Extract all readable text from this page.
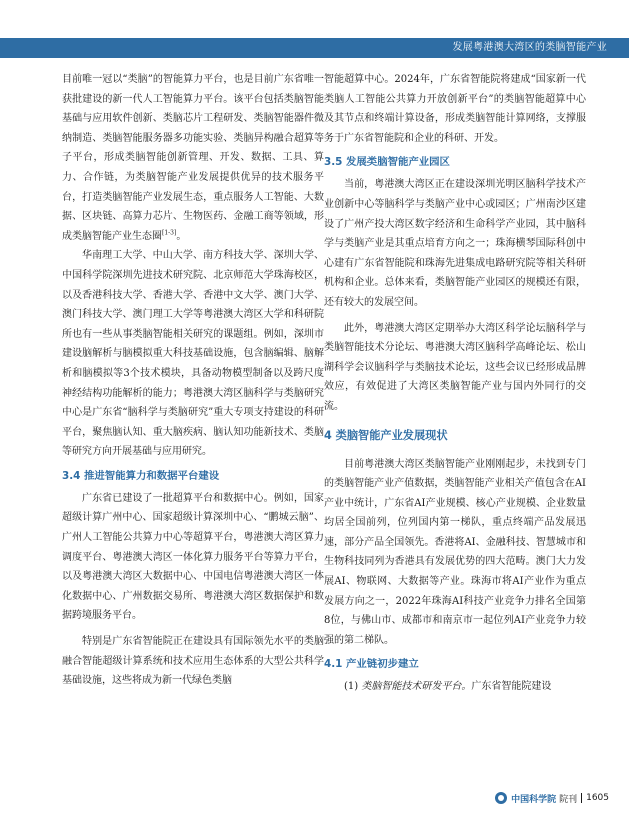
发展粤港澳大湾区的类脑智能产业

目前唯一冠以“类脑”的智能算力平台，也是目前广东省唯一获批建设的新一代人工智能算力平台。该平台包括类脑智能基础与应用软件创新、类脑芯片工程研发、类脑智能器件微纳制造、类脑智能服务器多功能实验、类脑异构融合超算等子平台，形成类脑智能创新管理、开发、数据、工具、算力、合作链，为类脑智能产业发展提供优异的技术服务平台，打造类脑智能产业发展生态，重点服务人工智能、大数据、区块链、高算力芯片、生物医药、金融工商等领域，形成类脑智能产业生态圈[1-3]。

华南理工大学、中山大学、南方科技大学、深圳大学、中国科学院深圳先进技术研究院、北京师范大学珠海校区，以及香港科技大学、香港大学、香港中文大学、澳门大学、澳门科技大学、澳门理工大学等粤港澳大湾区大学和科研院所也有一些从事类脑智能相关研究的课题组。例如，深圳市建设脑解析与脑模拟重大科技基础设施，包含脑编辑、脑解析和脑模拟等3个技术模块，具备动物模型制备以及跨尺度神经结构功能解析的能力；粤港澳大湾区脑科学与类脑研究中心是广东省“脑科学与类脑研究”重大专项支持建设的科研平台，聚焦脑认知、重大脑疾病、脑认知功能新技术、类脑等研究方向开展基础与应用研究。

3.4 推进智能算力和数据平台建设

广东省已建设了一批超算平台和数据中心。例如，国家超级计算广州中心、国家超级计算深圳中心、“鹏城云脑”、广州人工智能公共算力中心等超算平台，粤港澳大湾区算力调度平台、粤港澳大湾区一体化算力服务平台等算力平台，以及粤港澳大湾区大数据中心、中国电信粤港澳大湾区一体化数据中心、广州数据交易所、粤港澳大湾区数据保护和数据跨境服务平台。

特别是广东省智能院正在建设具有国际领先水平的类脑融合智能超级计算系统和技术应用生态体系的大型公共科学基础设施，这些将成为新一代绿色类脑

智能超算中心。2024年，广东省智能院将建成“国家新一代类脑人工智能公共算力开放创新平台”的类脑智能超算中心及其节点和终端计算设备，形成类脑智能计算网络，支撑服务于广东省智能院和企业的科研、开发。

3.5 发展类脑智能产业园区

当前，粤港澳大湾区正在建设深圳光明区脑科学技术产业创新中心等脑科学与类脑产业中心或园区；广州南沙区建设了广州产投大湾区数字经济和生命科学产业园，其中脑科学与类脑产业是其重点培育方向之一；珠海横琴国际科创中心建有广东省智能院和珠海先进集成电路研究院等相关科研机构和企业。总体来看，类脑智能产业园区的规模还有限，还有较大的发展空间。

此外，粤港澳大湾区定期举办大湾区科学论坛脑科学与类脑智能技术分论坛、粤港澳大湾区脑科学高峰论坛、松山湖科学会议脑科学与类脑技术论坛，这些会议已经形成品牌效应，有效促进了大湾区类脑智能产业与国内外同行的交流。

4 类脑智能产业发展现状

目前粤港澳大湾区类脑智能产业刚刚起步，未找到专门的类脑智能产业产值数据，类脑智能产业相关产值包含在AI产业中统计，广东省AI产业规模、核心产业规模、企业数量均居全国前列，位列国内第一梯队，重点终端产品发展迅速，部分产品全国领先。香港将AI、金融科技、智慧城市和生物科技同列为香港具有发展优势的四大范畴。澳门大力发展AI、物联网、大数据等产业。珠海市将AI产业作为重点发展方向之一，2022年珠海AI科技产业竞争力排名全国第8位，与佛山市、成都市和南京市一起位列AI产业竞争力较强的第二梯队。

4.1 产业链初步建立

(1) 类脑智能技术研发平台。广东省智能院建设

中国科学院 院刊 1605
